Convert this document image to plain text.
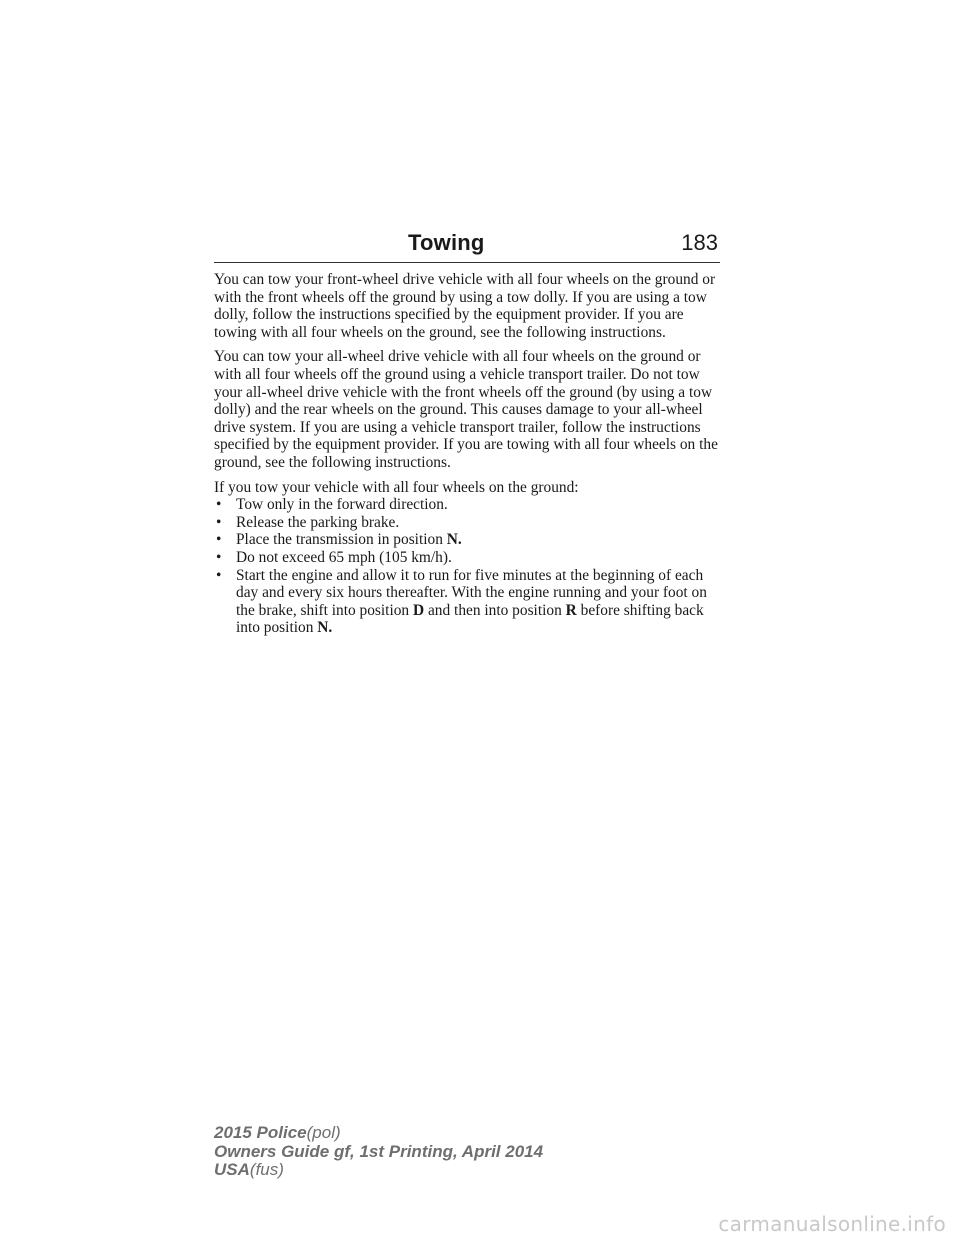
Towing	183

You can tow your front-wheel drive vehicle with all four wheels on the ground or with the front wheels off the ground by using a tow dolly. If you are using a tow dolly, follow the instructions specified by the equipment provider. If you are towing with all four wheels on the ground, see the following instructions.

You can tow your all-wheel drive vehicle with all four wheels on the ground or with all four wheels off the ground using a vehicle transport trailer. Do not tow your all-wheel drive vehicle with the front wheels off the ground (by using a tow dolly) and the rear wheels on the ground. This causes damage to your all-wheel drive system. If you are using a vehicle transport trailer, follow the instructions specified by the equipment provider. If you are towing with all four wheels on the ground, see the following instructions.

If you tow your vehicle with all four wheels on the ground:

• Tow only in the forward direction.
• Release the parking brake.
• Place the transmission in position N.
• Do not exceed 65 mph (105 km/h).
• Start the engine and allow it to run for five minutes at the beginning of each day and every six hours thereafter. With the engine running and your foot on the brake, shift into position D and then into position R before shifting back into position N.
2015 Police(pol)
Owners Guide gf, 1st Printing, April 2014
USA(fus)
carmanualsonline.info
